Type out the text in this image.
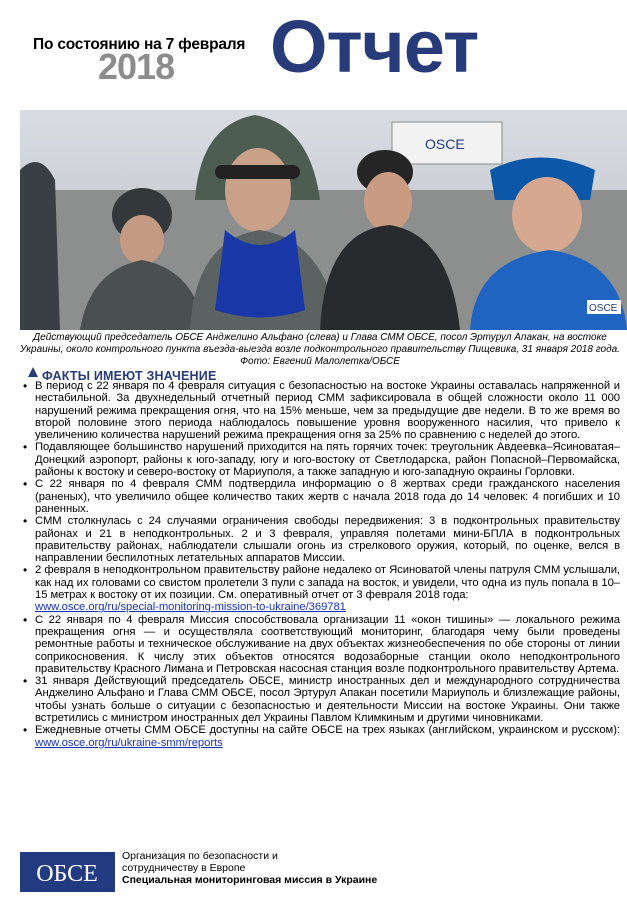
По состоянию на 7 февраля
2018 Отчет
OSCE
OSCE
Действующий председатель ОБСЕ Анджелино Альфано (слева) и Глава СММ ОБСЕ, посол Эртурул Апакан, на востоке Украины, около контрольного пункта въезда-выезда возле подконтрольного правительству Пищевика, 31 января 2018 года. Фото: Евгений Малолетка/ОБСЕ
ФАКТЫ ИМЕЮТ ЗНАЧЕНИЕ
• В период с 22 января по 4 февраля ситуация с безопасностью на востоке Украины оставалась напряженной и нестабильной. За двухнедельный отчетный период СММ зафиксировала в общей сложности около 11 000 нарушений режима прекращения огня, что на 15% меньше, чем за предыдущие две недели. В то же время во второй половине этого периода наблюдалось повышение уровня вооруженного насилия, что привело к увеличению количества нарушений режима прекращения огня за 25% по сравнению с неделей до этого.
• Подавляющее большинство нарушений приходится на пять горячих точек: треугольник Авдеевка–Ясиноватая–Донецкий аэропорт, районы к юго-западу, югу и юго-востоку от Светлодарска, район Попасной–Первомайска, районы к востоку и северо-востоку от Мариуполя, а также западную и юго-западную окраины Горловки.
• С 22 января по 4 февраля СММ подтвердила информацию о 8 жертвах среди гражданского населения (раненых), что увеличило общее количество таких жертв с начала 2018 года до 14 человек: 4 погибших и 10 раненных.
• СММ столкнулась с 24 случаями ограничения свободы передвижения: 3 в подконтрольных правительству районах и 21 в неподконтрольных. 2 и 3 февраля, управляя полетами мини-БПЛА в подконтрольных правительству районах, наблюдатели слышали огонь из стрелкового оружия, который, по оценке, велся в направлении беспилотных летательных аппаратов Миссии.
• 2 февраля в неподконтрольном правительству районе недалеко от Ясиноватой члены патруля СММ услышали, как над их головами со свистом пролетели 3 пули с запада на восток, и увидели, что одна из пуль попала в 10–15 метрах к востоку от их позиции. См. оперативный отчет от 3 февраля 2018 года:
www.osce.org/ru/special-monitoring-mission-to-ukraine/369781
• С 22 января по 4 февраля Миссия способствовала организации 11 «окон тишины» — локального режима прекращения огня — и осуществляла соответствующий мониторинг, благодаря чему были проведены ремонтные работы и техническое обслуживание на двух объектах жизнеобеспечения по обе стороны от линии соприкосновения. К числу этих объектов относятся водозаборные станции около неподконтрольного правительству Красного Лимана и Петровская насосная станция возле подконтрольного правительству Артема.
• 31 января Действующий председатель ОБСЕ, министр иностранных дел и международного сотрудничества Анджелино Альфано и Глава СММ ОБСЕ, посол Эртурул Апакан посетили Мариуполь и близлежащие районы, чтобы узнать больше о ситуации с безопасностью и деятельности Миссии на востоке Украины. Они также встретились с министром иностранных дел Украины Павлом Климкиным и другими чиновниками.
• Ежедневные отчеты СММ ОБСЕ доступны на сайте ОБСЕ на трех языках (английском, украинском и русском): www.osce.org/ru/ukraine-smm/reports
ОБСЕ
Организация по безопасности и
сотрудничеству в Европе
Специальная мониторинговая миссия в Украине
